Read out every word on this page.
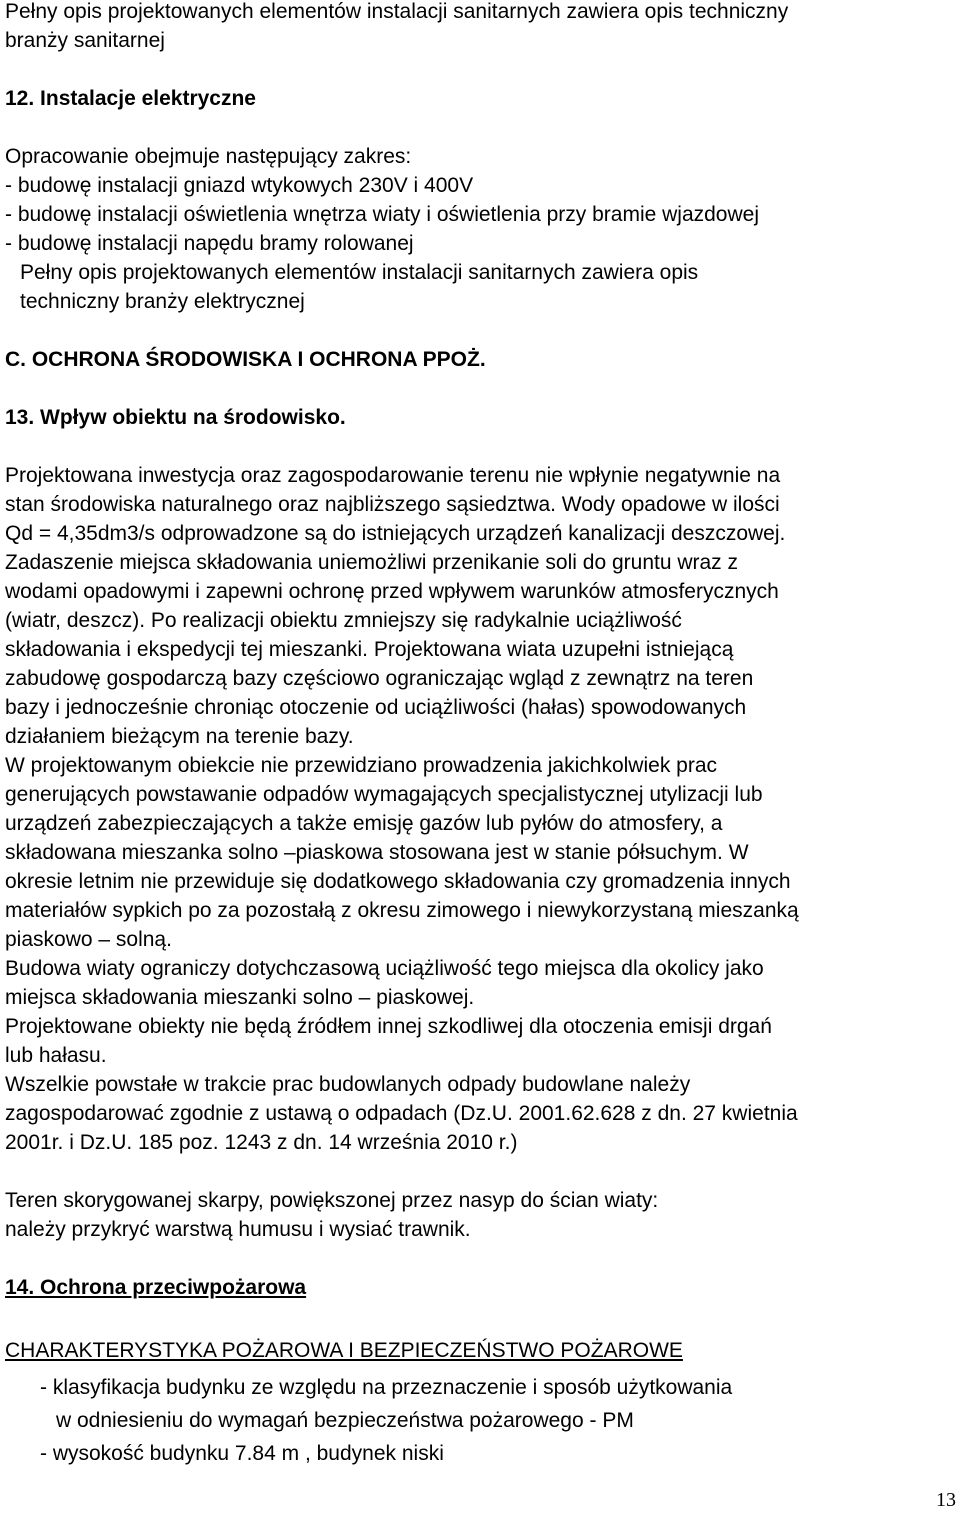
Pełny opis projektowanych elementów instalacji sanitarnych zawiera opis techniczny

branży sanitarnej

12. Instalacje elektryczne

Opracowanie obejmuje następujący zakres:

- budowę instalacji gniazd wtykowych 230V i 400V

- budowę instalacji oświetlenia wnętrza wiaty i oświetlenia przy bramie wjazdowej

- budowę instalacji napędu bramy rolowanej

Pełny opis projektowanych elementów instalacji sanitarnych zawiera opis

techniczny branży elektrycznej

C. OCHRONA ŚRODOWISKA I OCHRONA PPOŻ.

13. Wpływ obiektu na środowisko.

Projektowana inwestycja oraz zagospodarowanie terenu nie wpłynie negatywnie na

stan środowiska naturalnego oraz najbliższego sąsiedztwa. Wody opadowe w ilości

Qd = 4,35dm3/s odprowadzone są do istniejących urządzeń kanalizacji deszczowej.

Zadaszenie miejsca składowania uniemożliwi przenikanie soli do gruntu wraz z

wodami opadowymi i zapewni ochronę przed wpływem warunków atmosferycznych

(wiatr, deszcz). Po realizacji obiektu zmniejszy się radykalnie uciążliwość

składowania i ekspedycji tej mieszanki. Projektowana wiata uzupełni istniejącą

zabudowę gospodarczą bazy częściowo ograniczając wgląd z zewnątrz na teren

bazy i jednocześnie chroniąc otoczenie od uciążliwości (hałas) spowodowanych

działaniem bieżącym na terenie bazy.

W projektowanym obiekcie nie przewidziano prowadzenia jakichkolwiek prac

generujących powstawanie odpadów wymagających specjalistycznej utylizacji lub

urządzeń zabezpieczających a także emisję gazów lub pyłów do atmosfery, a

składowana mieszanka solno –piaskowa stosowana jest w stanie półsuchym. W

okresie letnim nie przewiduje się dodatkowego składowania czy gromadzenia innych

materiałów sypkich po za pozostałą z okresu zimowego i niewykorzystaną mieszanką

piaskowo – solną.

Budowa wiaty ograniczy dotychczasową uciążliwość tego miejsca dla okolicy jako

miejsca składowania mieszanki solno – piaskowej.

Projektowane obiekty nie będą źródłem innej szkodliwej dla otoczenia emisji drgań

lub hałasu.

Wszelkie powstałe w trakcie prac budowlanych odpady budowlane należy

zagospodarować zgodnie z ustawą o odpadach (Dz.U. 2001.62.628 z dn. 27 kwietnia

2001r. i Dz.U. 185 poz. 1243 z dn. 14 września 2010 r.)

Teren skorygowanej skarpy, powiększonej przez nasyp do ścian wiaty:

należy przykryć warstwą humusu i wysiać trawnik.

14. Ochrona przeciwpożarowa

CHARAKTERYSTYKA POŻAROWA I BEZPIECZEŃSTWO POŻAROWE

- klasyfikacja budynku ze względu na przeznaczenie i sposób użytkowania

w odniesieniu do wymagań bezpieczeństwa pożarowego - PM

- wysokość budynku 7.84 m , budynek niski

13
